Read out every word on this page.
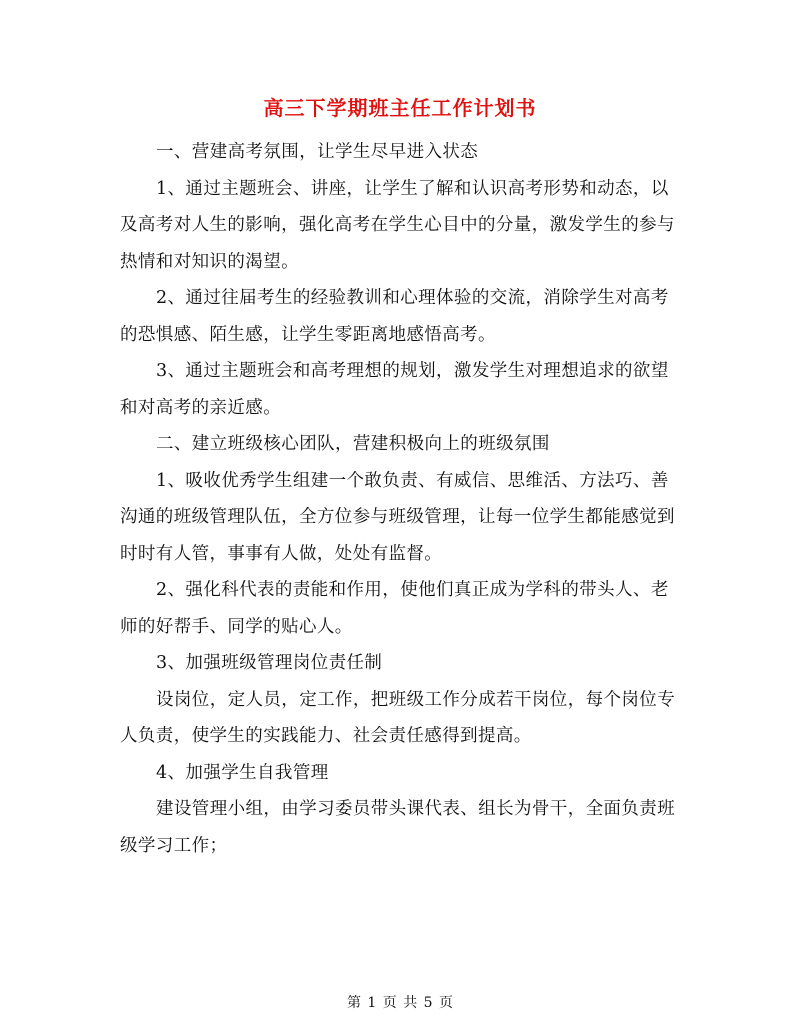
高三下学期班主任工作计划书

一、营建高考氛围，让学生尽早进入状态

1、通过主题班会、讲座，让学生了解和认识高考形势和动态，以及高考对人生的影响，强化高考在学生心目中的分量，激发学生的参与热情和对知识的渴望。

2、通过往届考生的经验教训和心理体验的交流，消除学生对高考的恐惧感、陌生感，让学生零距离地感悟高考。

3、通过主题班会和高考理想的规划，激发学生对理想追求的欲望和对高考的亲近感。

二、建立班级核心团队，营建积极向上的班级氛围

1、吸收优秀学生组建一个敢负责、有威信、思维活、方法巧、善沟通的班级管理队伍，全方位参与班级管理，让每一位学生都能感觉到时时有人管，事事有人做，处处有监督。

2、强化科代表的责能和作用，使他们真正成为学科的带头人、老师的好帮手、同学的贴心人。

3、加强班级管理岗位责任制

设岗位，定人员，定工作，把班级工作分成若干岗位，每个岗位专人负责，使学生的实践能力、社会责任感得到提高。

4、加强学生自我管理

建设管理小组，由学习委员带头课代表、组长为骨干，全面负责班级学习工作；

第 1 页 共 5 页
